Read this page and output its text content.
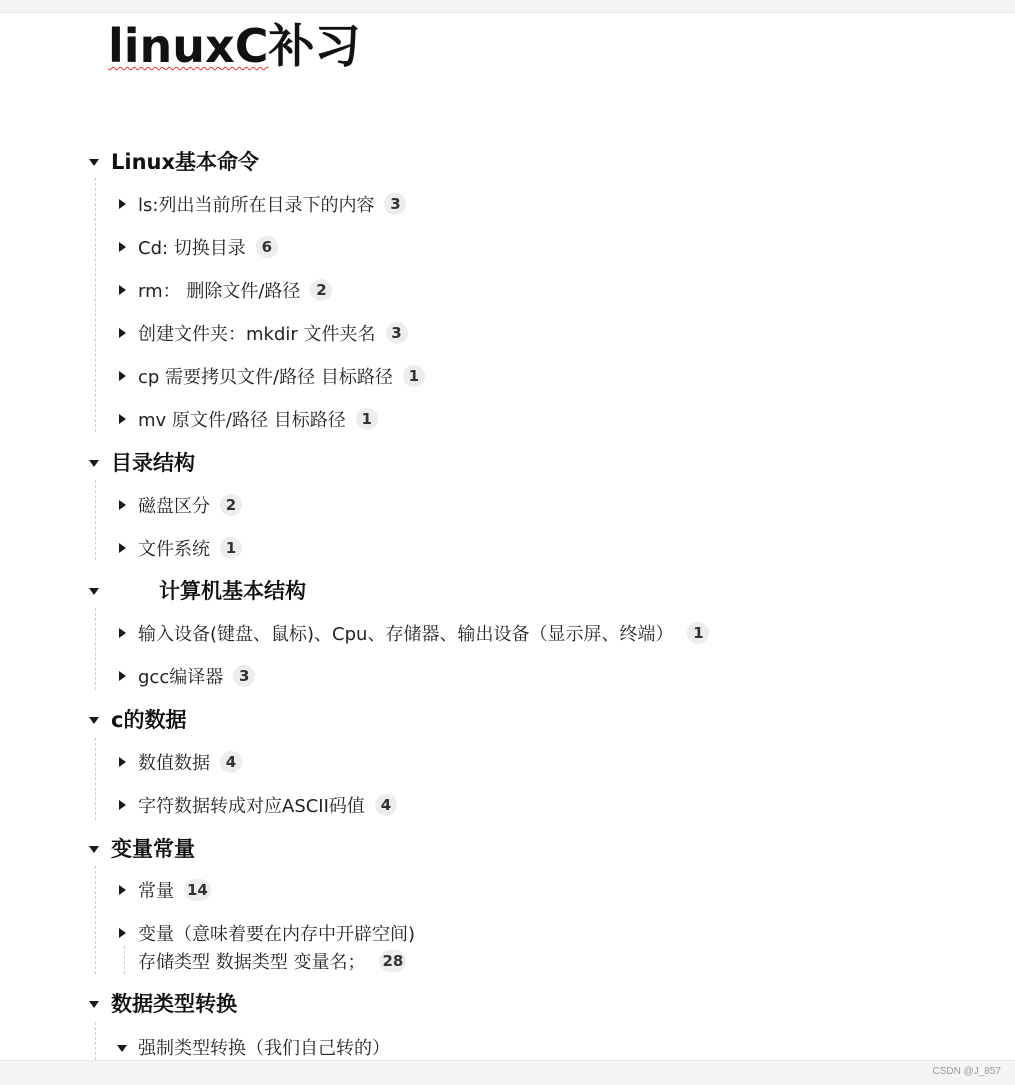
linuxC补习
Linux基本命令
ls:列出当前所在目录下的内容	3
Cd: 切换目录	6
rm： 删除文件/路径	2
创建文件夹：mkdir 文件夹名	3
cp 需要拷贝文件/路径 目标路径	1
mv 原文件/路径 目标路径	1
目录结构
磁盘区分	2
文件系统	1
计算机基本结构
输入设备(键盘、鼠标)、Cpu、存储器、输出设备（显示屏、终端）	1
gcc编译器	3
c的数据
数值数据	4
字符数据转成对应ASCII码值	4
变量常量
常量 14
变量（意味着要在内存中开辟空间)
存储类型 数据类型 变量名； 28
数据类型转换
强制类型转换（我们自己转的）
CSDN @J_857
